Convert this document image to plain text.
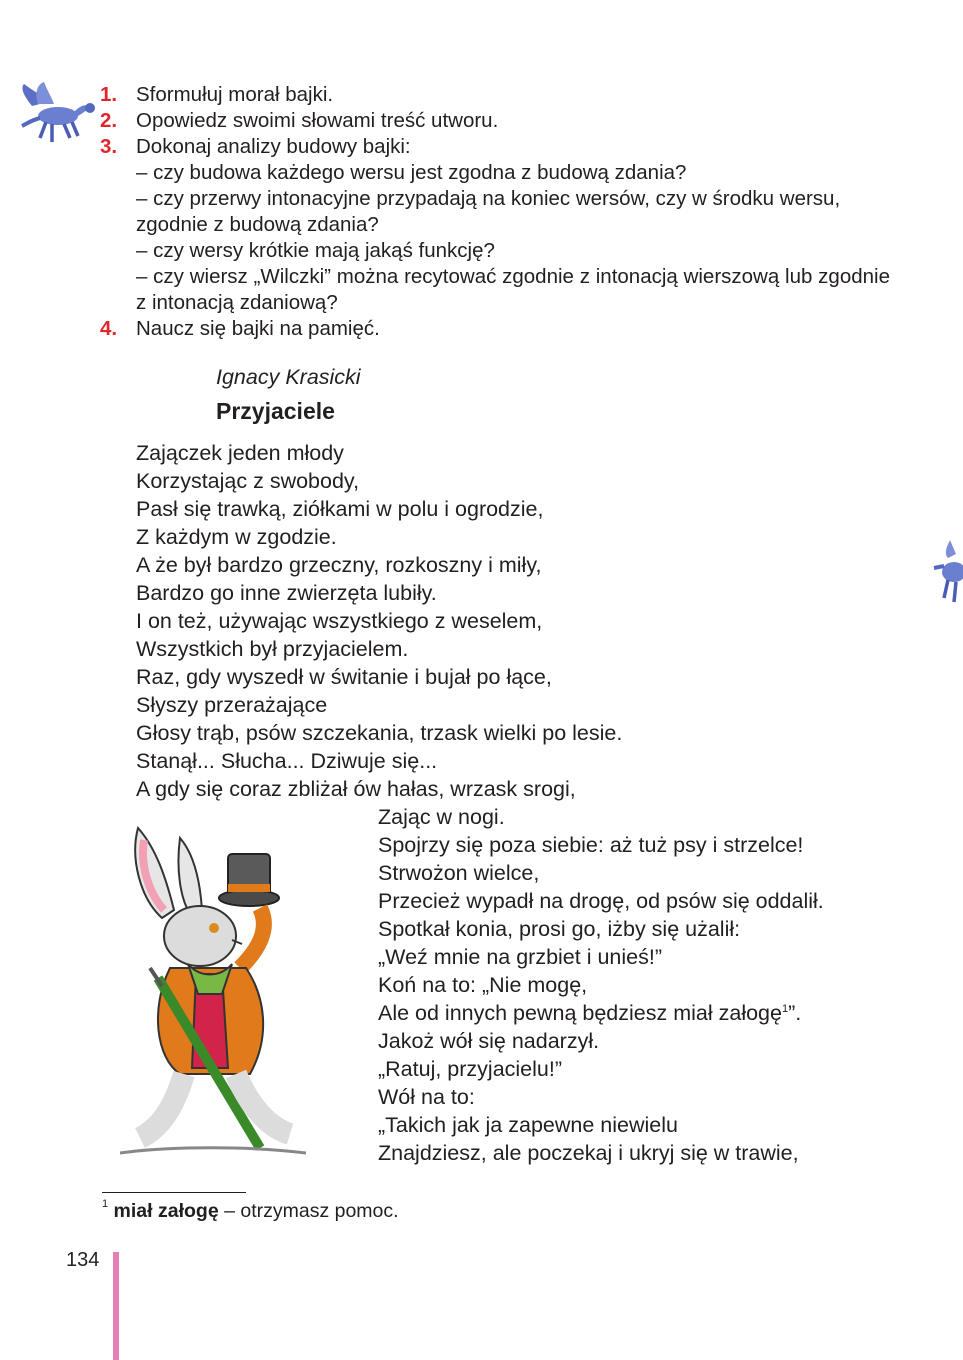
1. Sformułuj morał bajki.
2. Opowiedz swoimi słowami treść utworu.
3. Dokonaj analizy budowy bajki:
– czy budowa każdego wersu jest zgodna z budową zdania?
– czy przerwy intonacyjne przypadają na koniec wersów, czy w środku wersu, zgodnie z budową zdania?
– czy wersy krótkie mają jakąś funkcję?
– czy wiersz „Wilczki” można recytować zgodnie z intonacją wierszową lub zgodnie z intonacją zdaniową?
4. Naucz się bajki na pamięć.
Ignacy Krasicki
Przyjaciele
Zajączek jeden młody
Korzystając z swobody,
Pasł się trawką, ziółkami w polu i ogrodzie,
Z każdym w zgodzie.
A że był bardzo grzeczny, rozkoszny i miły,
Bardzo go inne zwierzęta lubiły.
I on też, używając wszystkiego z weselem,
Wszystkich był przyjacielem.
Raz, gdy wyszedł w świtanie i bujał po łące,
Słyszy przerażające
Głosy trąb, psów szczekania, trzask wielki po lesie.
Stanął... Słucha... Dziwuje się...
A gdy się coraz zbliżał ów hałas, wrzask srogi,
Zając w nogi.
Spojrzy się poza siebie: aż tuż psy i strzelce!
Strwożon wielce,
Przecież wypadł na drogę, od psów się oddalił.
Spotkał konia, prosi go, iżby się użalił:
„Weź mnie na grzbiet i unieś!”
Koń na to: „Nie mogę,
Ale od innych pewną będziesz miał załogę$^1$”.
Jakoż wół się nadarzył.
„Ratuj, przyjacielu!”
Wół na to:
„Takich jak ja zapewne niewielu
Znajdziesz, ale poczekaj i ukryj się w trawie,
$^1$ miał załogę – otrzymasz pomoc.
134
